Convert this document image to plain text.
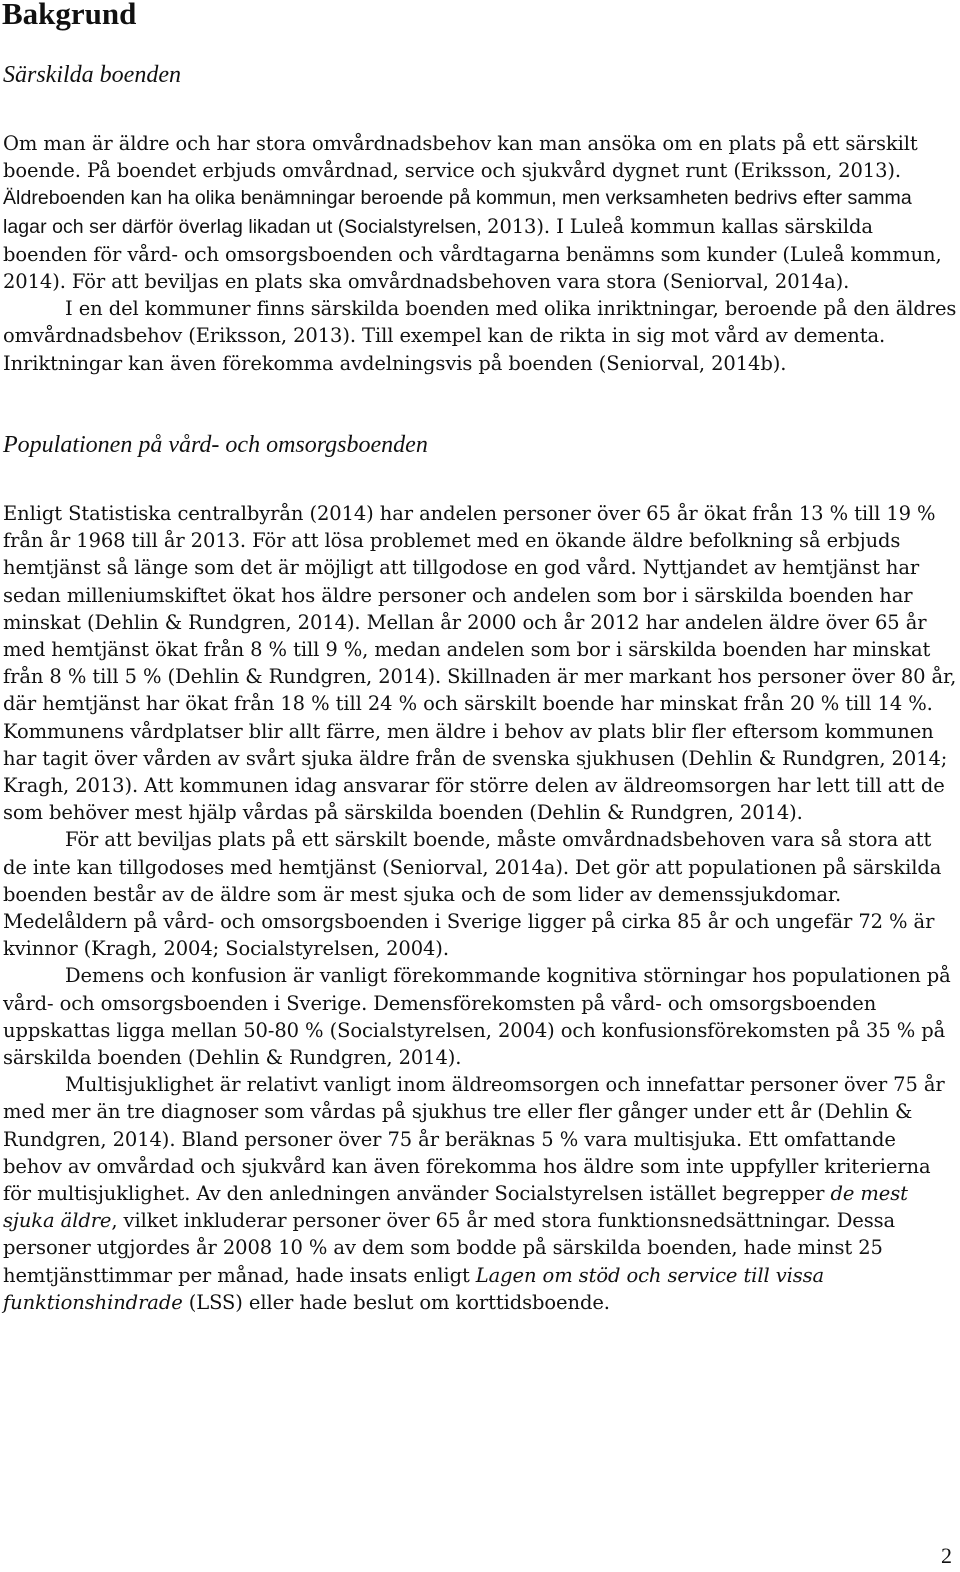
Bakgrund
Särskilda boenden

Om man är äldre och har stora omvårdnadsbehov kan man ansöka om en plats på ett särskilt boende. På boendet erbjuds omvårdnad, service och sjukvård dygnet runt (Eriksson, 2013). Äldreboenden kan ha olika benämningar beroende på kommun, men verksamheten bedrivs efter samma lagar och ser därför överlag likadan ut (Socialstyrelsen, 2013). I Luleå kommun kallas särskilda boenden för vård- och omsorgsboenden och vårdtagarna benämns som kunder (Luleå kommun, 2014). För att beviljas en plats ska omvårdnadsbehoven vara stora (Seniorval, 2014a).

I en del kommuner finns särskilda boenden med olika inriktningar, beroende på den äldres omvårdnadsbehov (Eriksson, 2013). Till exempel kan de rikta in sig mot vård av dementa. Inriktningar kan även förekomma avdelningsvis på boenden (Seniorval, 2014b).

Populationen på vård- och omsorgsboenden

Enligt Statistiska centralbyrån (2014) har andelen personer över 65 år ökat från 13 % till 19 % från år 1968 till år 2013. För att lösa problemet med en ökande äldre befolkning så erbjuds hemtjänst så länge som det är möjligt att tillgodose en god vård. Nyttjandet av hemtjänst har sedan milleniumskiftet ökat hos äldre personer och andelen som bor i särskilda boenden har minskat (Dehlin & Rundgren, 2014). Mellan år 2000 och år 2012 har andelen äldre över 65 år med hemtjänst ökat från 8 % till 9 %, medan andelen som bor i särskilda boenden har minskat från 8 % till 5 % (Dehlin & Rundgren, 2014). Skillnaden är mer markant hos personer över 80 år, där hemtjänst har ökat från 18 % till 24 % och särskilt boende har minskat från 20 % till 14 %. Kommunens vårdplatser blir allt färre, men äldre i behov av plats blir fler eftersom kommunen har tagit över vården av svårt sjuka äldre från de svenska sjukhusen (Dehlin & Rundgren, 2014; Kragh, 2013). Att kommunen idag ansvarar för större delen av äldreomsorgen har lett till att de som behöver mest hjälp vårdas på särskilda boenden (Dehlin & Rundgren, 2014).

För att beviljas plats på ett särskilt boende, måste omvårdnadsbehoven vara så stora att de inte kan tillgodoses med hemtjänst (Seniorval, 2014a). Det gör att populationen på särskilda boenden består av de äldre som är mest sjuka och de som lider av demenssjukdomar. Medelåldern på vård- och omsorgsboenden i Sverige ligger på cirka 85 år och ungefär 72 % är kvinnor (Kragh, 2004; Socialstyrelsen, 2004).

Demens och konfusion är vanligt förekommande kognitiva störningar hos populationen på vård- och omsorgsboenden i Sverige. Demensförekomsten på vård- och omsorgsboenden uppskattas ligga mellan 50-80 % (Socialstyrelsen, 2004) och konfusionsförekomsten på 35 % på särskilda boenden (Dehlin & Rundgren, 2014).

Multisjuklighet är relativt vanligt inom äldreomsorgen och innefattar personer över 75 år med mer än tre diagnoser som vårdas på sjukhus tre eller fler gånger under ett år (Dehlin & Rundgren, 2014). Bland personer över 75 år beräknas 5 % vara multisjuka. Ett omfattande behov av omvårdad och sjukvård kan även förekomma hos äldre som inte uppfyller kriterierna för multisjuklighet. Av den anledningen använder Socialstyrelsen istället begrepper de mest sjuka äldre, vilket inkluderar personer över 65 år med stora funktionsnedsättningar. Dessa personer utgjordes år 2008 10 % av dem som bodde på särskilda boenden, hade minst 25 hemtjänsttimmar per månad, hade insats enligt Lagen om stöd och service till vissa funktionshindrade (LSS) eller hade beslut om korttidsboende.

2
